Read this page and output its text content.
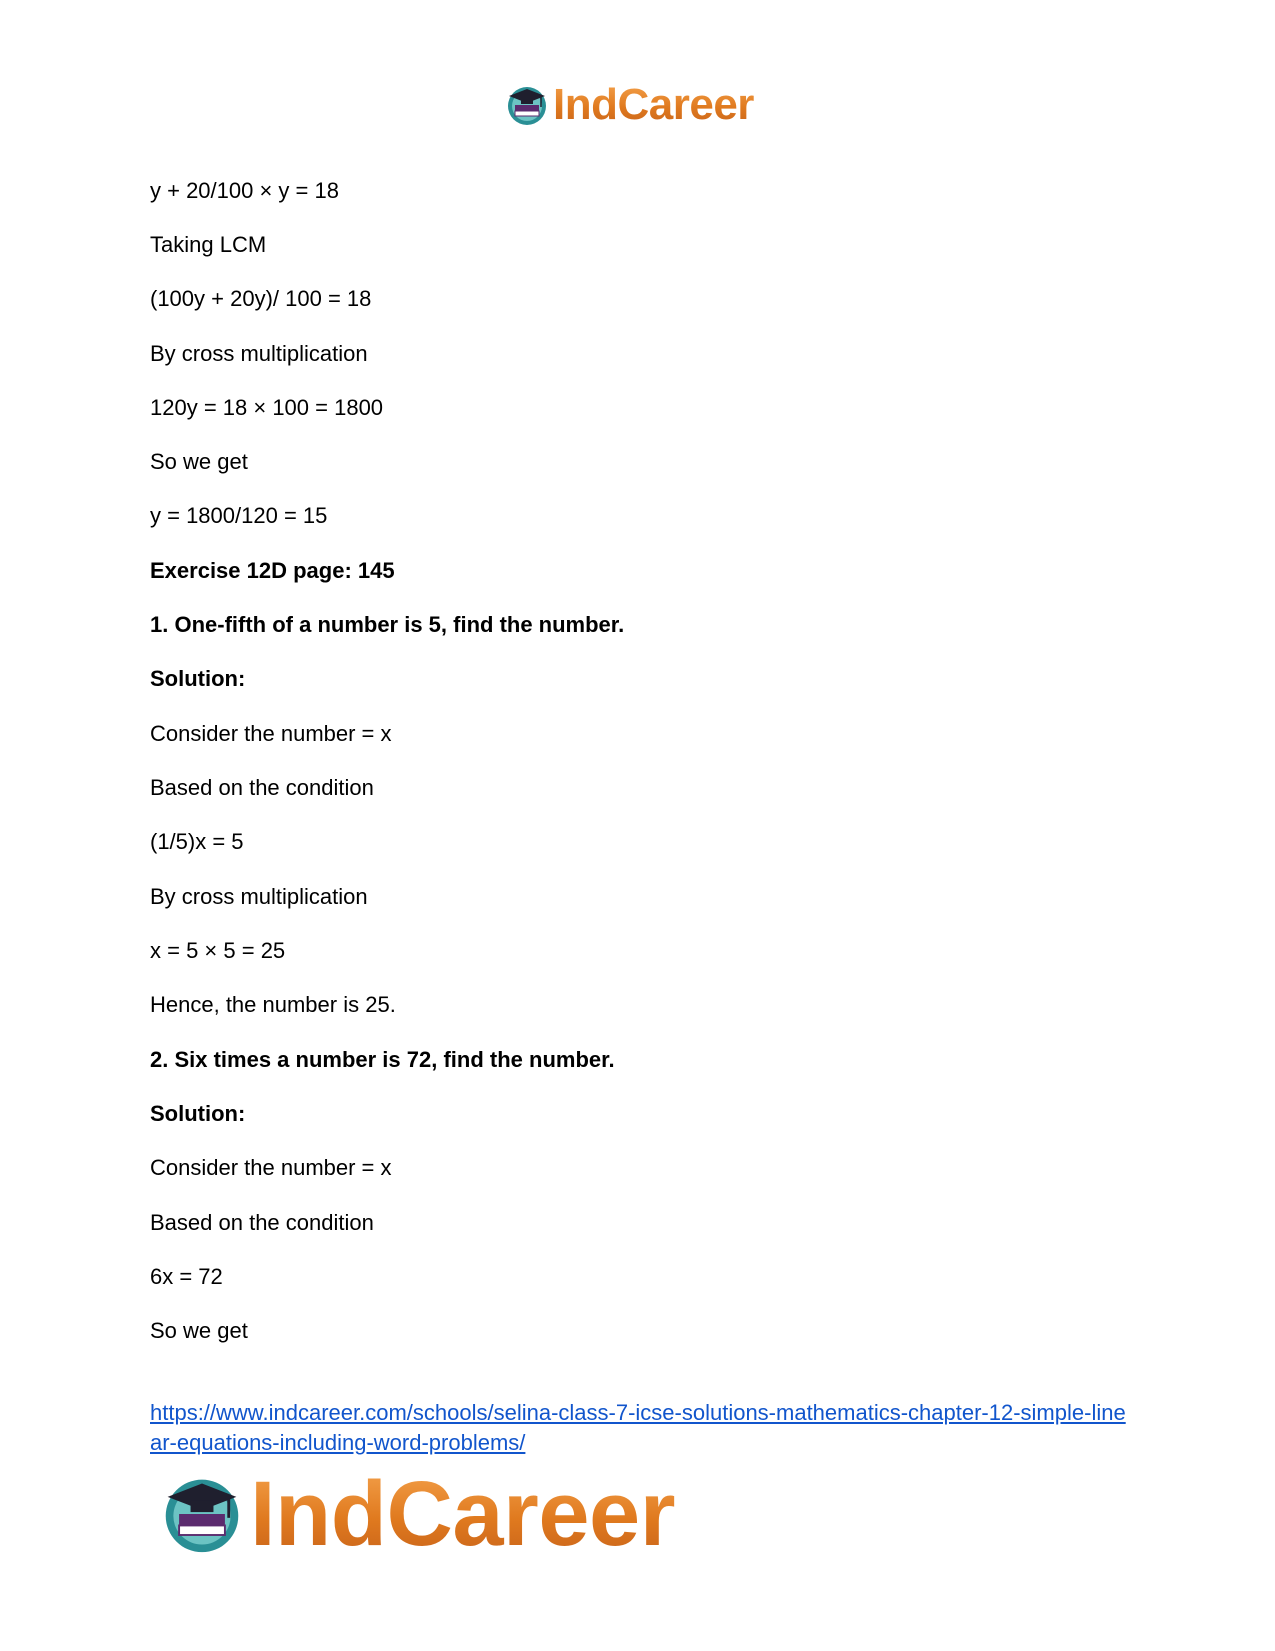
IndCareer
y + 20/100 × y = 18
Taking LCM
(100y + 20y)/ 100 = 18
By cross multiplication
120y = 18 × 100 = 1800
So we get
y = 1800/120 = 15
Exercise 12D page: 145
1. One-fifth of a number is 5, find the number.
Solution:
Consider the number = x
Based on the condition
(1/5)x = 5
By cross multiplication
x = 5 × 5 = 25
Hence, the number is 25.
2. Six times a number is 72, find the number.
Solution:
Consider the number = x
Based on the condition
6x = 72
So we get
https://www.indcareer.com/schools/selina-class-7-icse-solutions-mathematics-chapter-12-simple-linear-equations-including-word-problems/
IndCareer
